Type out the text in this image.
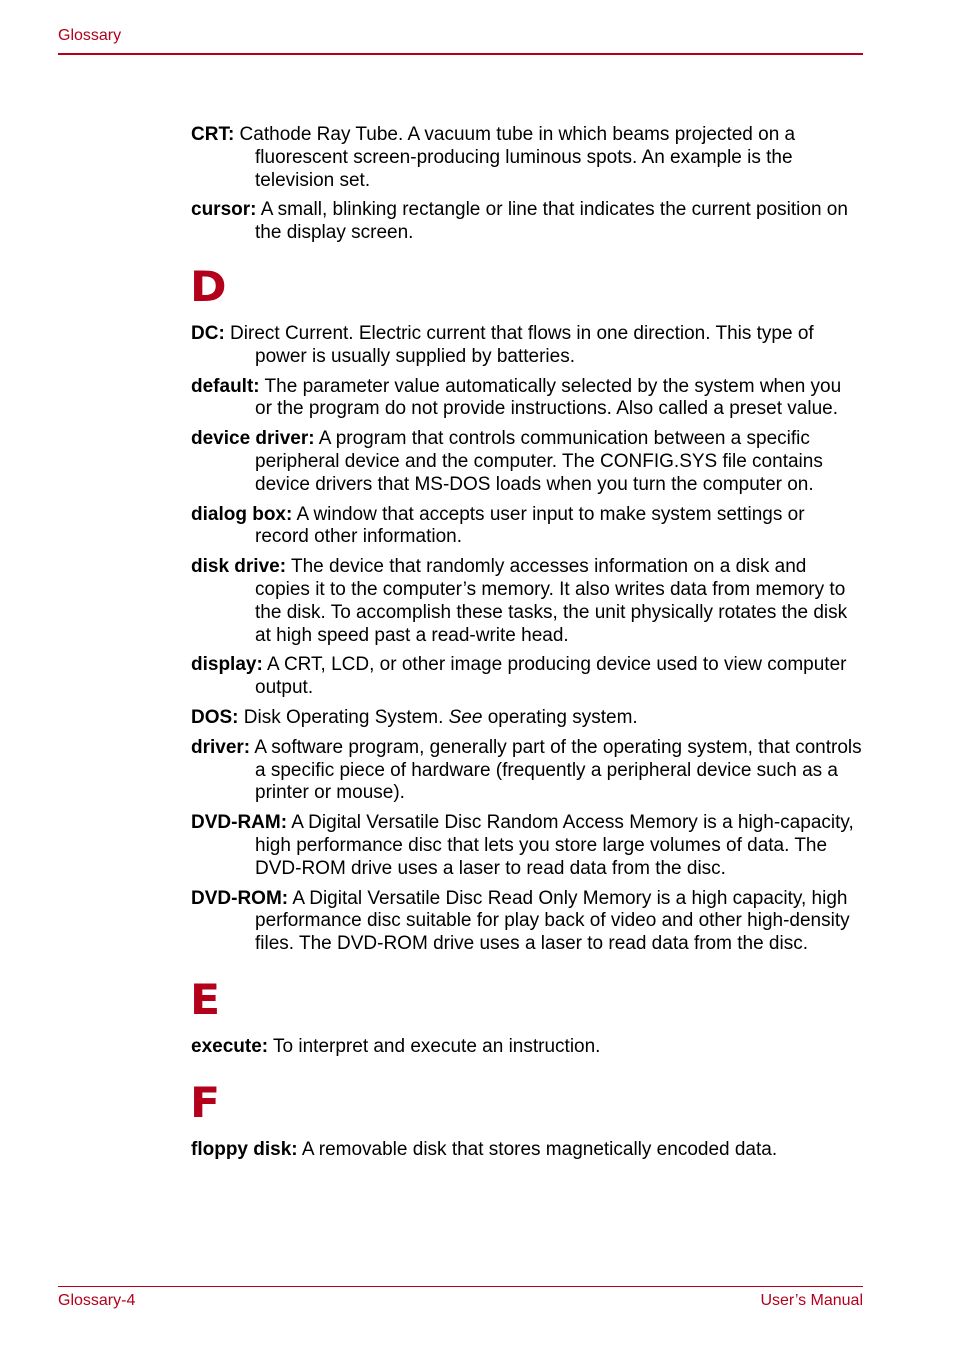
Glossary

CRT: Cathode Ray Tube. A vacuum tube in which beams projected on a fluorescent screen-producing luminous spots. An example is the television set.

cursor: A small, blinking rectangle or line that indicates the current position on the display screen.

D

DC: Direct Current. Electric current that flows in one direction. This type of power is usually supplied by batteries.

default: The parameter value automatically selected by the system when you or the program do not provide instructions. Also called a preset value.

device driver: A program that controls communication between a specific peripheral device and the computer. The CONFIG.SYS file contains device drivers that MS-DOS loads when you turn the computer on.

dialog box: A window that accepts user input to make system settings or record other information.

disk drive: The device that randomly accesses information on a disk and copies it to the computer’s memory. It also writes data from memory to the disk. To accomplish these tasks, the unit physically rotates the disk at high speed past a read-write head.

display: A CRT, LCD, or other image producing device used to view computer output.

DOS: Disk Operating System. See operating system.

driver: A software program, generally part of the operating system, that controls a specific piece of hardware (frequently a peripheral device such as a printer or mouse).

DVD-RAM: A Digital Versatile Disc Random Access Memory is a high-capacity, high performance disc that lets you store large volumes of data. The DVD-ROM drive uses a laser to read data from the disc.

DVD-ROM: A Digital Versatile Disc Read Only Memory is a high capacity, high performance disc suitable for play back of video and other high-density files. The DVD-ROM drive uses a laser to read data from the disc.

E

execute: To interpret and execute an instruction.

F

floppy disk: A removable disk that stores magnetically encoded data.

Glossary-4	User’s Manual
